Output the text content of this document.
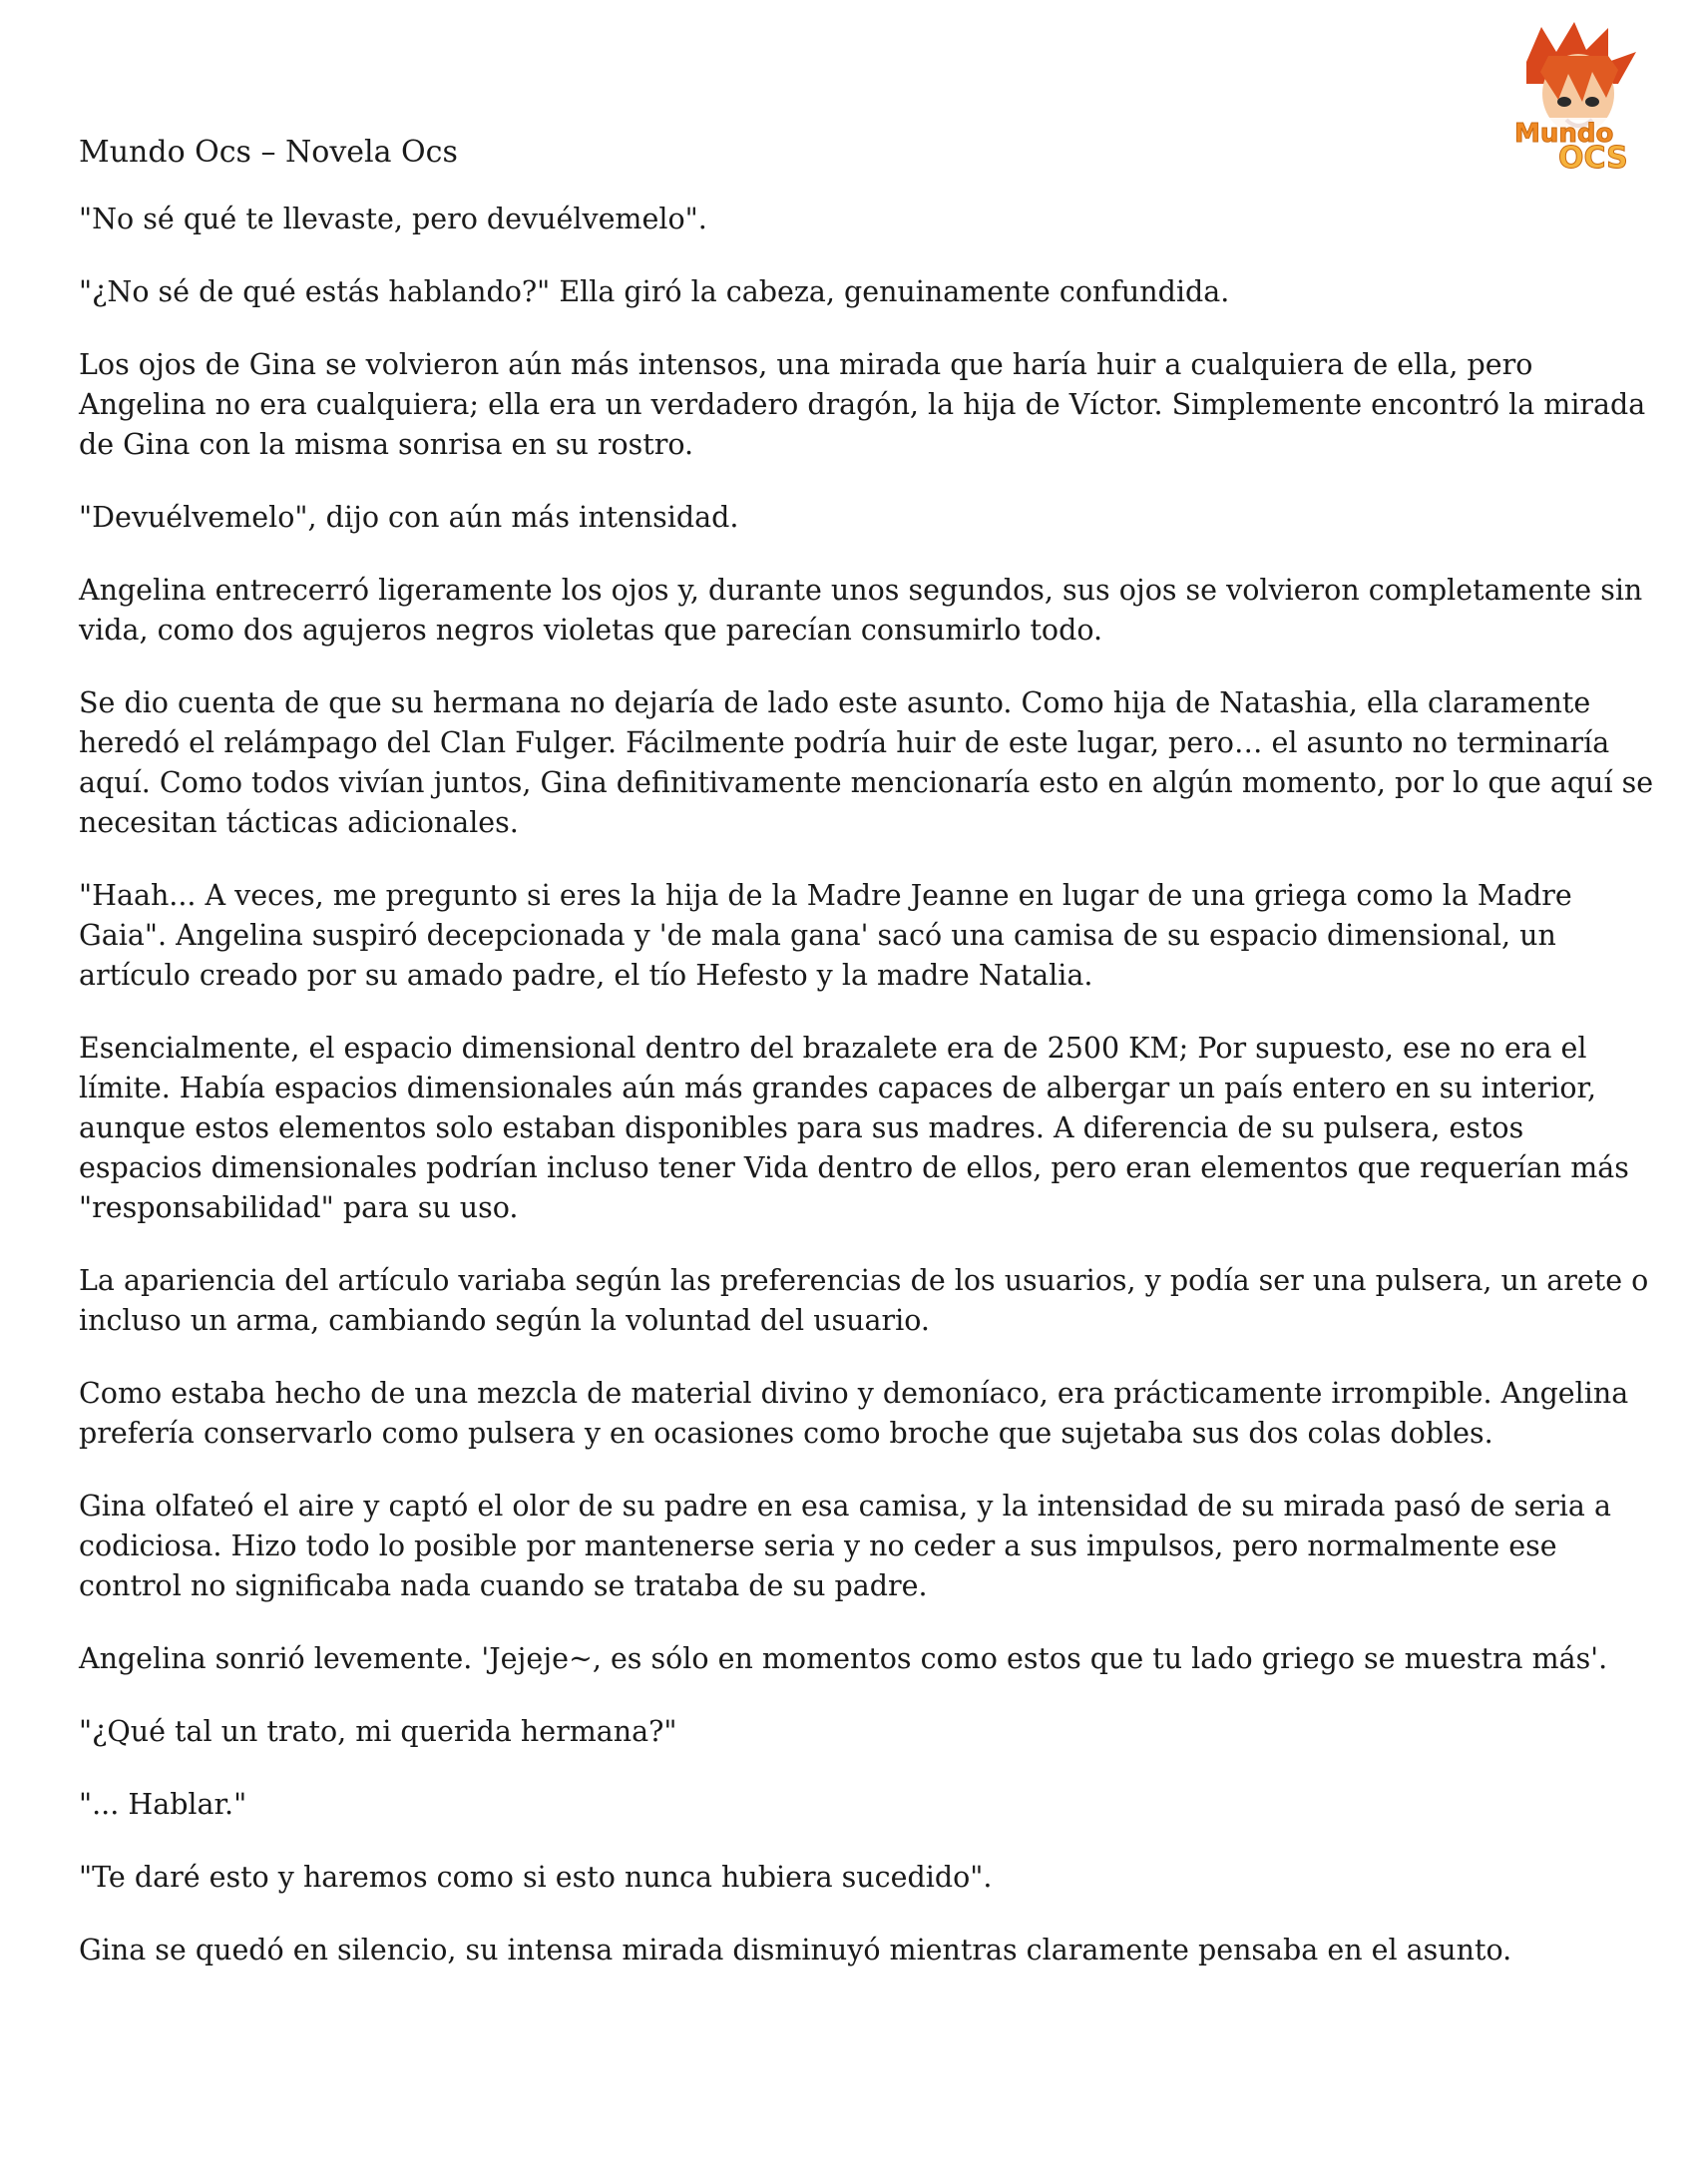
Mundo
OCS
Mundo Ocs – Novela Ocs

"No sé qué te llevaste, pero devuélvemelo".

"¿No sé de qué estás hablando?" Ella giró la cabeza, genuinamente confundida.

Los ojos de Gina se volvieron aún más intensos, una mirada que haría huir a cualquiera de ella, pero Angelina no era cualquiera; ella era un verdadero dragón, la hija de Víctor. Simplemente encontró la mirada de Gina con la misma sonrisa en su rostro.

"Devuélvemelo", dijo con aún más intensidad.

Angelina entrecerró ligeramente los ojos y, durante unos segundos, sus ojos se volvieron completamente sin vida, como dos agujeros negros violetas que parecían consumirlo todo.

Se dio cuenta de que su hermana no dejaría de lado este asunto. Como hija de Natashia, ella claramente heredó el relámpago del Clan Fulger. Fácilmente podría huir de este lugar, pero… el asunto no terminaría aquí. Como todos vivían juntos, Gina definitivamente mencionaría esto en algún momento, por lo que aquí se necesitan tácticas adicionales.

"Haah... A veces, me pregunto si eres la hija de la Madre Jeanne en lugar de una griega como la Madre Gaia". Angelina suspiró decepcionada y 'de mala gana' sacó una camisa de su espacio dimensional, un artículo creado por su amado padre, el tío Hefesto y la madre Natalia.

Esencialmente, el espacio dimensional dentro del brazalete era de 2500 KM; Por supuesto, ese no era el límite. Había espacios dimensionales aún más grandes capaces de albergar un país entero en su interior, aunque estos elementos solo estaban disponibles para sus madres. A diferencia de su pulsera, estos espacios dimensionales podrían incluso tener Vida dentro de ellos, pero eran elementos que requerían más "responsabilidad" para su uso.

La apariencia del artículo variaba según las preferencias de los usuarios, y podía ser una pulsera, un arete o incluso un arma, cambiando según la voluntad del usuario.

Como estaba hecho de una mezcla de material divino y demoníaco, era prácticamente irrompible. Angelina prefería conservarlo como pulsera y en ocasiones como broche que sujetaba sus dos colas dobles.

Gina olfateó el aire y captó el olor de su padre en esa camisa, y la intensidad de su mirada pasó de seria a codiciosa. Hizo todo lo posible por mantenerse seria y no ceder a sus impulsos, pero normalmente ese control no significaba nada cuando se trataba de su padre.

Angelina sonrió levemente. 'Jejeje~, es sólo en momentos como estos que tu lado griego se muestra más'.

"¿Qué tal un trato, mi querida hermana?"

"... Hablar."

"Te daré esto y haremos como si esto nunca hubiera sucedido".

Gina se quedó en silencio, su intensa mirada disminuyó mientras claramente pensaba en el asunto.
